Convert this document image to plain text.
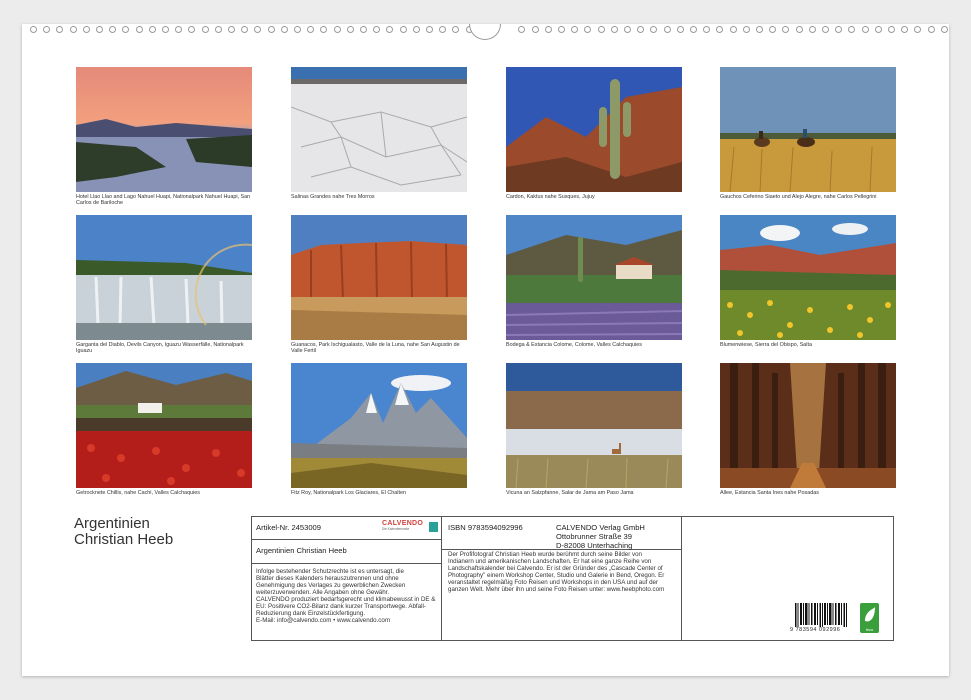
Hotel Llao Llao and Lago Nahuel Huapi, Nationalpark Nahuel Huapi, San Carlos de Bariloche
Salinas Grandes nahe Tres Morros	Cardon, Kaktus nahe Susques, Jujuy	Gauchos Ceferino Siaeto und Alejo Alegre, nahe Carlos Pellegrini
Garganta del Diablo, Devils Canyon, Iguazu Wasserfälle, Nationalpark Iguazu
Guanacos, Park Ischigualasto, Valle de la Luna, nahe San Augustin de Valle Fertil
Bodega & Estancia Colome, Colome, Valles Calchaquies	Blumenwiese, Sierra del Obispo, Salta
Getrocknete Chillis, nahe Cachi, Valles Calchaquies	Fitz Roy, Nationalpark Los Glaciares, El Chalten	Vicuna an Salzpfanne, Salar de Jama am Paso Jama	Allee, Estancia Santa Ines nahe Posadas
Argentinien
Christian Heeb
Artikel-Nr. 2453009	CALVENDO
Die Kalendermarke
Argentinien Christian Heeb
Infolge bestehender Schutzrechte ist es untersagt, die
Blätter dieses Kalenders herauszutrennen und ohne
Genehmigung des Verlages zu gewerblichen Zwecken
weiterzuverwenden. Alle Angaben ohne Gewähr.
CALVENDO produziert bedarfsgerecht und klimabewusst in DE &
EU: Positivere CO2-Bilanz dank kurzer Transportwege. Abfall-
Reduzierung dank Einzelstückfertigung.
E-Mail: info@calvendo.com • www.calvendo.com
ISBN 9783594092996	CALVENDO Verlag GmbH
Ottobrunner Straße 39
D-82008 Unterhaching
Der Profifotograf Christian Heeb wurde berühmt durch seine Bilder von
Indianern und amerikanischen Landschaften. Er hat eine ganze Reihe von
Landschaftskalender bei Calvendo. Er ist der Gründer des „Cascade Center of
Photography" einem Workshop Center, Studio und Galerie in Bend, Oregon. Er
veranstaltet regelmäßig Foto Reisen und Workshops in den USA und auf der
ganzen Welt. Mehr über ihn und seine Foto Reisen unter: www.heebphoto.com
9 783594 092996	feco
